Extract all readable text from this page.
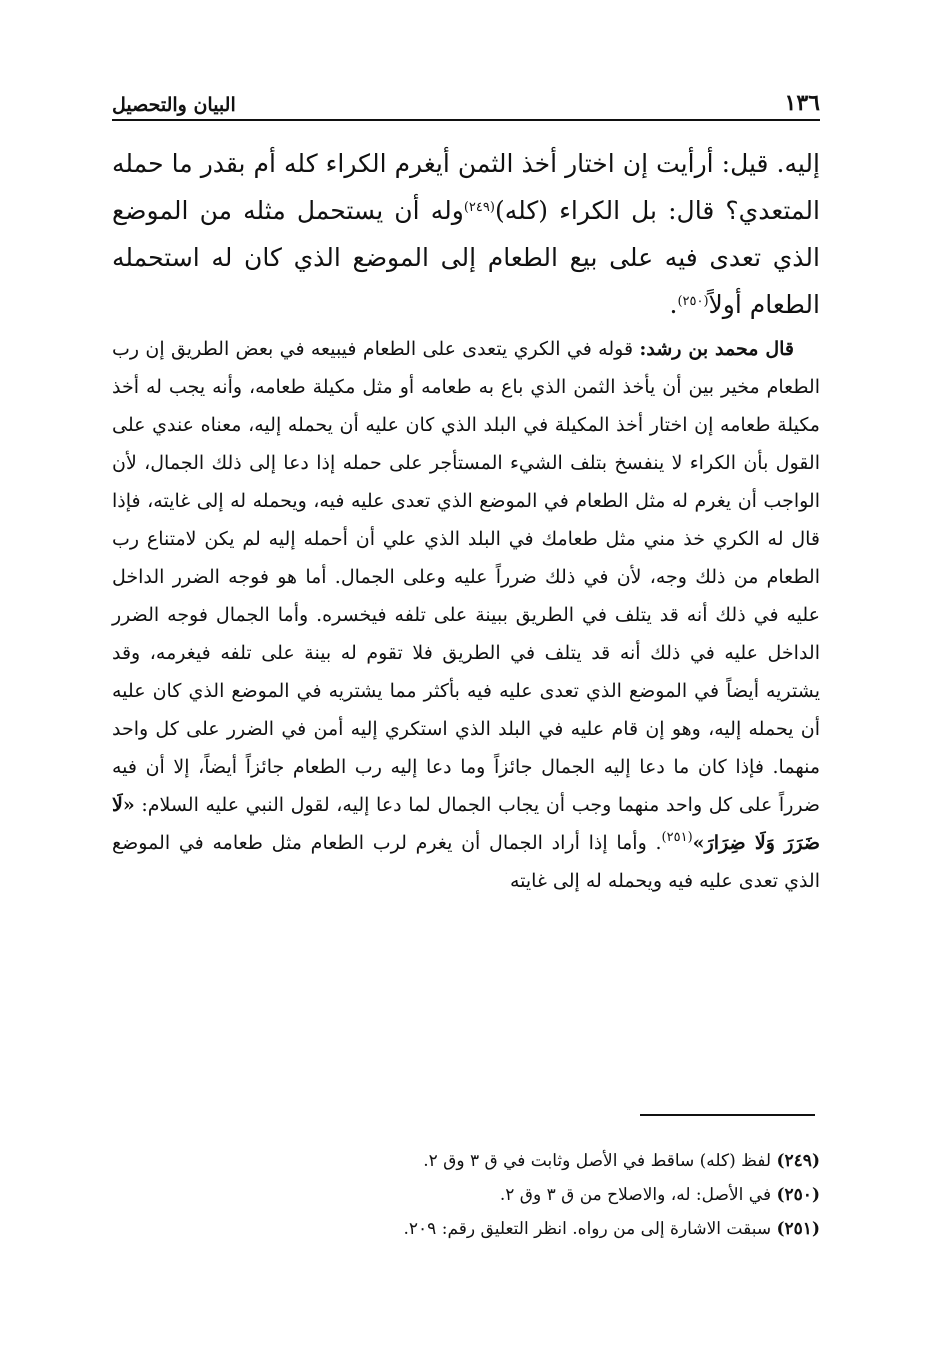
١٣٦
البيان والتحصيل

إليه. قيل: أرأيت إن اختار أخذ الثمن أيغرم الكراء كله أم بقدر ما حمله المتعدي؟ قال: بل الكراء (كله)$^{(٢٤٩)}$وله أن يستحمل مثله من الموضع الذي تعدى فيه على بيع الطعام إلى الموضع الذي كان له استحمله الطعام أولاً$^{(٢٥٠)}$.

قال محمد بن رشد: قوله في الكري يتعدى على الطعام فيبيعه في بعض الطريق إن رب الطعام مخير بين أن يأخذ الثمن الذي باع به طعامه أو مثل مكيلة طعامه، وأنه يجب له أخذ مكيلة طعامه إن اختار أخذ المكيلة في البلد الذي كان عليه أن يحمله إليه، معناه عندي على القول بأن الكراء لا ينفسخ بتلف الشيء المستأجر على حمله إذا دعا إلى ذلك الجمال، لأن الواجب أن يغرم له مثل الطعام في الموضع الذي تعدى عليه فيه، ويحمله له إلى غايته، فإذا قال له الكري خذ مني مثل طعامك في البلد الذي علي أن أحمله إليه لم يكن لامتناع رب الطعام من ذلك وجه، لأن في ذلك ضرراً عليه وعلى الجمال. أما هو فوجه الضرر الداخل عليه في ذلك أنه قد يتلف في الطريق ببينة على تلفه فيخسره. وأما الجمال فوجه الضرر الداخل عليه في ذلك أنه قد يتلف في الطريق فلا تقوم له بينة على تلفه فيغرمه، وقد يشتريه أيضاً في الموضع الذي تعدى عليه فيه بأكثر مما يشتريه في الموضع الذي كان عليه أن يحمله إليه، وهو إن قام عليه في البلد الذي استكري إليه أمن في الضرر على كل واحد منهما. فإذا كان ما دعا إليه الجمال جائزاً وما دعا إليه رب الطعام جائزاً أيضاً، إلا أن فيه ضرراً على كل واحد منهما وجب أن يجاب الجمال لما دعا إليه، لقول النبي عليه السلام: «لَا ضَرَرَ وَلَا ضِرَارَ»$^{(٢٥١)}$. وأما إذا أراد الجمال أن يغرم لرب الطعام مثل طعامه في الموضع الذي تعدى عليه فيه ويحمله له إلى غايته

(٢٤٩) لفظ (كله) ساقط في الأصل وثابت في ق ٣ وق ٢.

(٢٥٠) في الأصل: له، والاصلاح من ق ٣ وق ٢.

(٢٥١) سبقت الاشارة إلى من رواه. انظر التعليق رقم: ٢٠٩.
